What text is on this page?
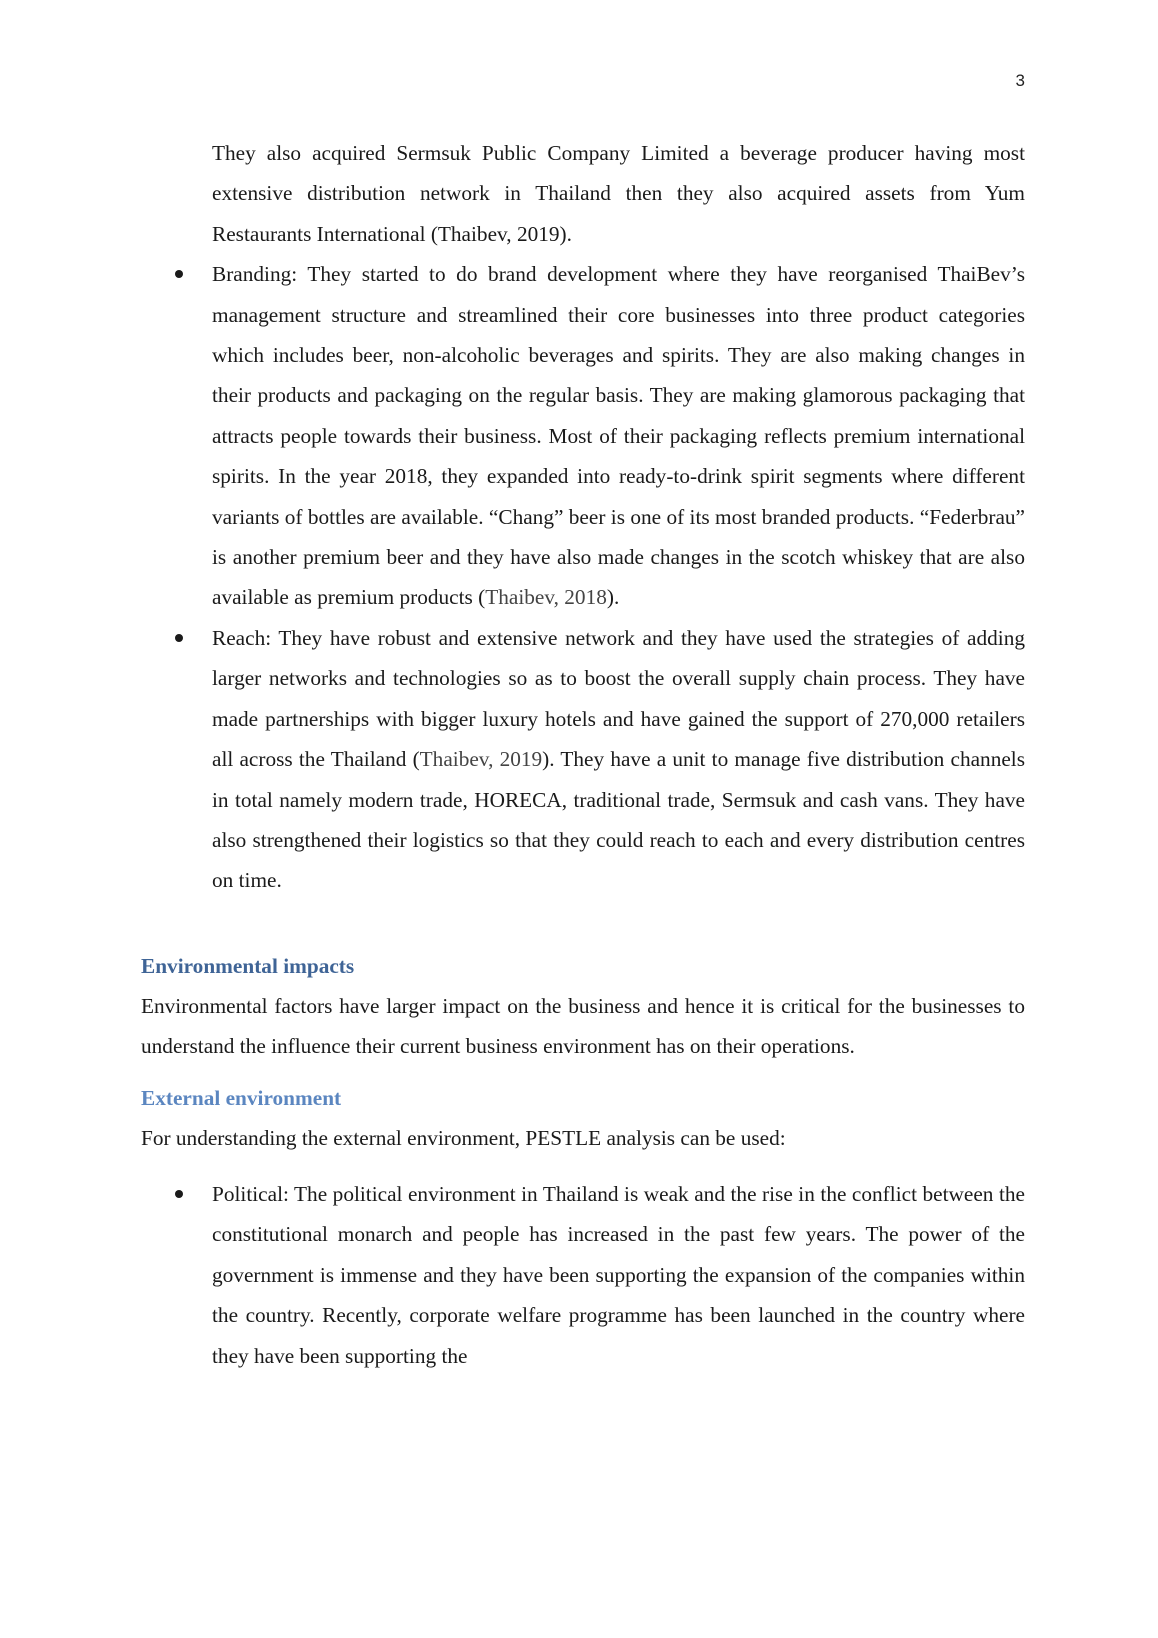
3

They also acquired Sermsuk Public Company Limited a beverage producer having most extensive distribution network in Thailand then they also acquired assets from Yum Restaurants International (Thaibev, 2019).

Branding: They started to do brand development where they have reorganised ThaiBev’s management structure and streamlined their core businesses into three product categories which includes beer, non-alcoholic beverages and spirits. They are also making changes in their products and packaging on the regular basis. They are making glamorous packaging that attracts people towards their business. Most of their packaging reflects premium international spirits. In the year 2018, they expanded into ready-to-drink spirit segments where different variants of bottles are available. “Chang” beer is one of its most branded products. “Federbrau” is another premium beer and they have also made changes in the scotch whiskey that are also available as premium products (Thaibev, 2018).
Reach: They have robust and extensive network and they have used the strategies of adding larger networks and technologies so as to boost the overall supply chain process. They have made partnerships with bigger luxury hotels and have gained the support of 270,000 retailers all across the Thailand (Thaibev, 2019). They have a unit to manage five distribution channels in total namely modern trade, HORECA, traditional trade, Sermsuk and cash vans. They have also strengthened their logistics so that they could reach to each and every distribution centres on time.
Environmental impacts

Environmental factors have larger impact on the business and hence it is critical for the businesses to understand the influence their current business environment has on their operations.

External environment

For understanding the external environment, PESTLE analysis can be used:

Political: The political environment in Thailand is weak and the rise in the conflict between the constitutional monarch and people has increased in the past few years. The power of the government is immense and they have been supporting the expansion of the companies within the country. Recently, corporate welfare programme has been launched in the country where they have been supporting the
